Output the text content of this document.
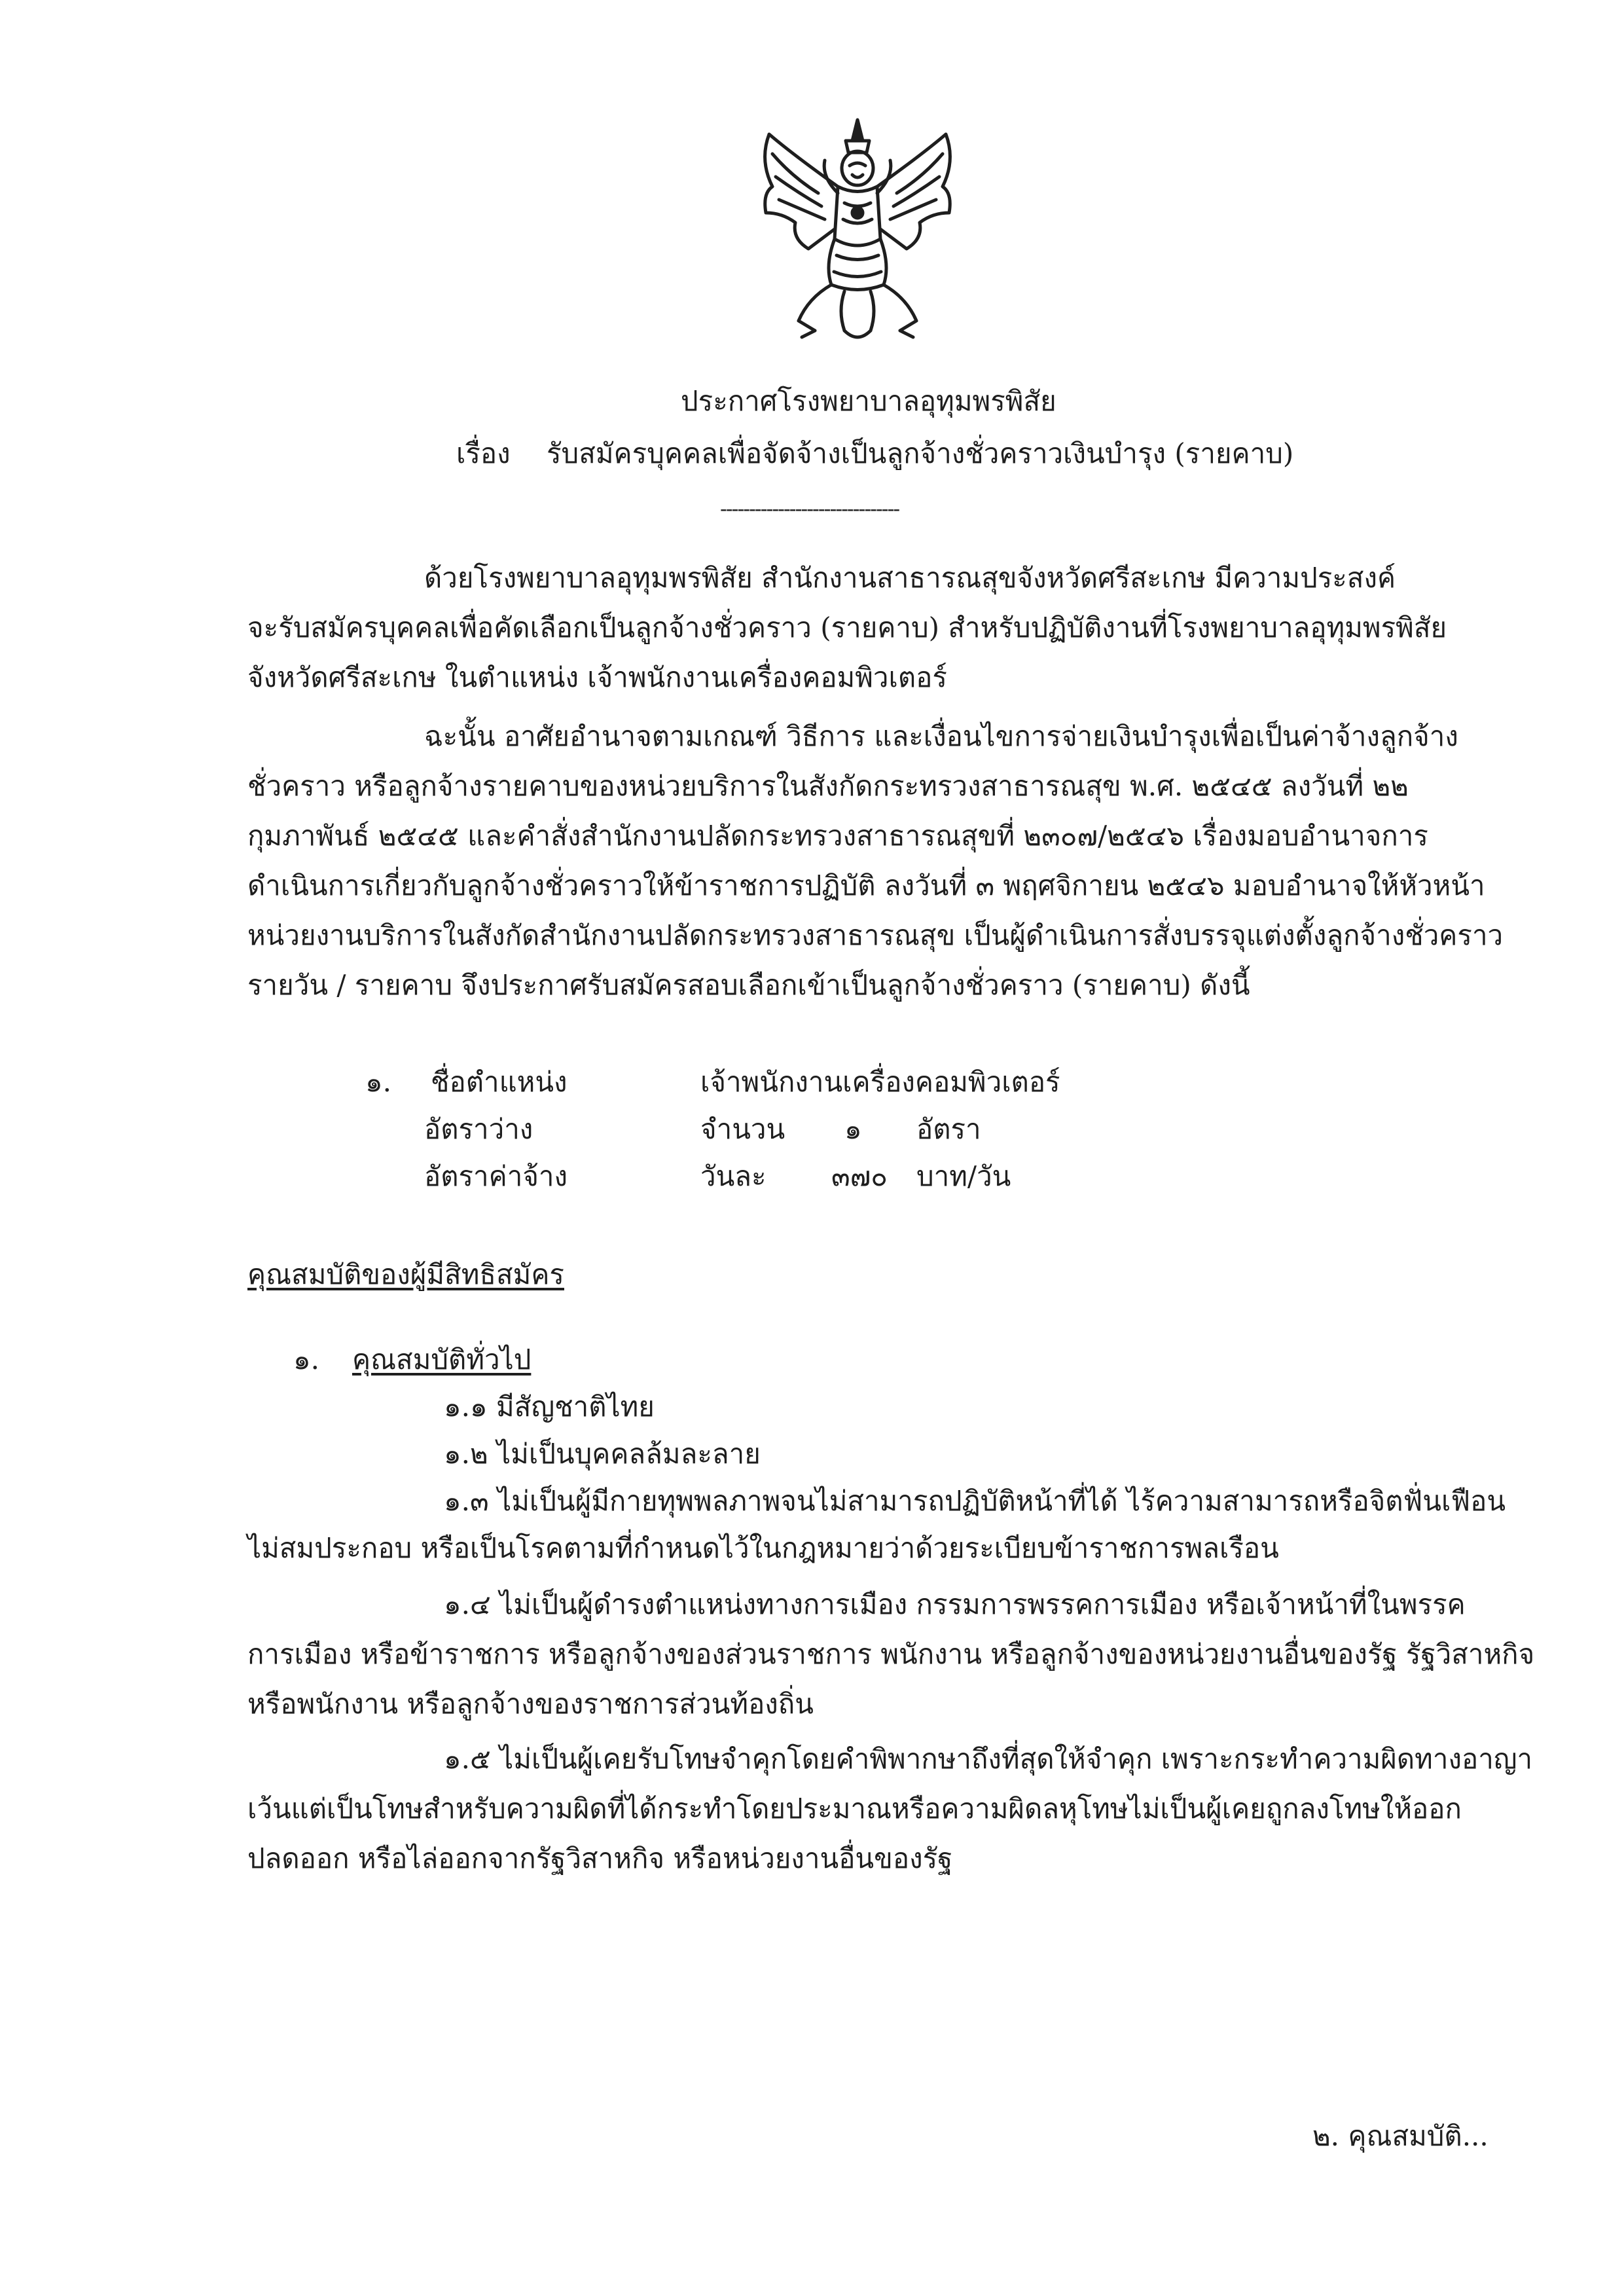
ประกาศโรงพยาบาลอุทุมพรพิสัย
เรื่อง รับสมัครบุคคลเพื่อจัดจ้างเป็นลูกจ้างชั่วคราวเงินบำรุง (รายคาบ)
-------------------------------
ด้วยโรงพยาบาลอุทุมพรพิสัย สำนักงานสาธารณสุขจังหวัดศรีสะเกษ มีความประสงค์
จะรับสมัครบุคคลเพื่อคัดเลือกเป็นลูกจ้างชั่วคราว (รายคาบ) สำหรับปฏิบัติงานที่โรงพยาบาลอุทุมพรพิสัย
จังหวัดศรีสะเกษ ในตำแหน่ง เจ้าพนักงานเครื่องคอมพิวเตอร์
ฉะนั้น อาศัยอำนาจตามเกณฑ์ วิธีการ และเงื่อนไขการจ่ายเงินบำรุงเพื่อเป็นค่าจ้างลูกจ้าง
ชั่วคราว หรือลูกจ้างรายคาบของหน่วยบริการในสังกัดกระทรวงสาธารณสุข พ.ศ. ๒๕๔๕ ลงวันที่ ๒๒
กุมภาพันธ์ ๒๕๔๕ และคำสั่งสำนักงานปลัดกระทรวงสาธารณสุขที่ ๒๓๐๗/๒๕๔๖ เรื่องมอบอำนาจการ
ดำเนินการเกี่ยวกับลูกจ้างชั่วคราวให้ข้าราชการปฏิบัติ ลงวันที่ ๓ พฤศจิกายน ๒๕๔๖ มอบอำนาจให้หัวหน้า
หน่วยงานบริการในสังกัดสำนักงานปลัดกระทรวงสาธารณสุข เป็นผู้ดำเนินการสั่งบรรจุแต่งตั้งลูกจ้างชั่วคราว
รายวัน / รายคาบ จึงประกาศรับสมัครสอบเลือกเข้าเป็นลูกจ้างชั่วคราว (รายคาบ) ดังนี้
๑. ชื่อตำแหน่ง	เจ้าพนักงานเครื่องคอมพิวเตอร์
อัตราว่าง	จำนวน ๑ อัตรา
อัตราค่าจ้าง	วันละ ๓๗๐ บาท/วัน
คุณสมบัติของผู้มีสิทธิสมัคร
๑. คุณสมบัติทั่วไป
๑.๑ มีสัญชาติไทย
๑.๒ ไม่เป็นบุคคลล้มละลาย
๑.๓ ไม่เป็นผู้มีกายทุพพลภาพจนไม่สามารถปฏิบัติหน้าที่ได้ ไร้ความสามารถหรือจิตฟั่นเฟือน
ไม่สมประกอบ หรือเป็นโรคตามที่กำหนดไว้ในกฎหมายว่าด้วยระเบียบข้าราชการพลเรือน
๑.๔ ไม่เป็นผู้ดำรงตำแหน่งทางการเมือง กรรมการพรรคการเมือง หรือเจ้าหน้าที่ในพรรค
การเมือง หรือข้าราชการ หรือลูกจ้างของส่วนราชการ พนักงาน หรือลูกจ้างของหน่วยงานอื่นของรัฐ รัฐวิสาหกิจ
หรือพนักงาน หรือลูกจ้างของราชการส่วนท้องถิ่น
๑.๕ ไม่เป็นผู้เคยรับโทษจำคุกโดยคำพิพากษาถึงที่สุดให้จำคุก เพราะกระทำความผิดทางอาญา
เว้นแต่เป็นโทษสำหรับความผิดที่ได้กระทำโดยประมาณหรือความผิดลหุโทษไม่เป็นผู้เคยถูกลงโทษให้ออก
ปลดออก หรือไล่ออกจากรัฐวิสาหกิจ หรือหน่วยงานอื่นของรัฐ
๒. คุณสมบัติ...
